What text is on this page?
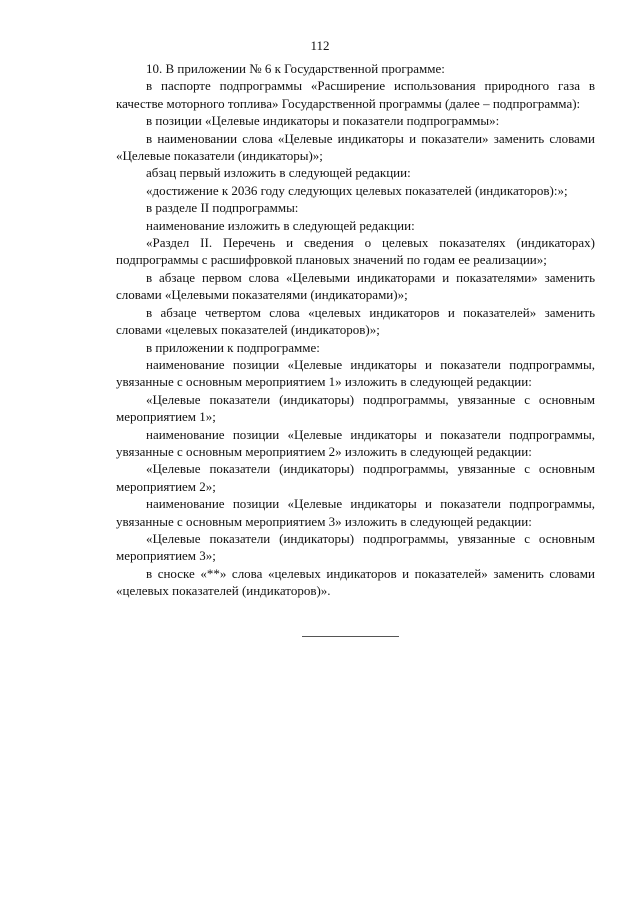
112

10. В приложении № 6 к Государственной программе:

в паспорте подпрограммы «Расширение использования природного газа в качестве моторного топлива» Государственной программы (далее – подпрограмма):

в позиции «Целевые индикаторы и показатели подпрограммы»:

в наименовании слова «Целевые индикаторы и показатели» заменить словами «Целевые показатели (индикаторы)»;

абзац первый изложить в следующей редакции:

«достижение к 2036 году следующих целевых показателей (индикаторов):»;

в разделе II подпрограммы:

наименование изложить в следующей редакции:

«Раздел II. Перечень и сведения о целевых показателях (индикаторах) подпрограммы с расшифровкой плановых значений по годам ее реализации»;

в абзаце первом слова «Целевыми индикаторами и показателями» заменить словами «Целевыми показателями (индикаторами)»;

в абзаце четвертом слова «целевых индикаторов и показателей» заменить словами «целевых показателей (индикаторов)»;

в приложении к подпрограмме:

наименование позиции «Целевые индикаторы и показатели подпрограммы, увязанные с основным мероприятием 1» изложить в следующей редакции:

«Целевые показатели (индикаторы) подпрограммы, увязанные с основным мероприятием 1»;

наименование позиции «Целевые индикаторы и показатели подпрограммы, увязанные с основным мероприятием 2» изложить в следующей редакции:

«Целевые показатели (индикаторы) подпрограммы, увязанные с основным мероприятием 2»;

наименование позиции «Целевые индикаторы и показатели подпрограммы, увязанные с основным мероприятием 3» изложить в следующей редакции:

«Целевые показатели (индикаторы) подпрограммы, увязанные с основным мероприятием 3»;

в сноске «**» слова «целевых индикаторов и показателей» заменить словами «целевых показателей (индикаторов)».
